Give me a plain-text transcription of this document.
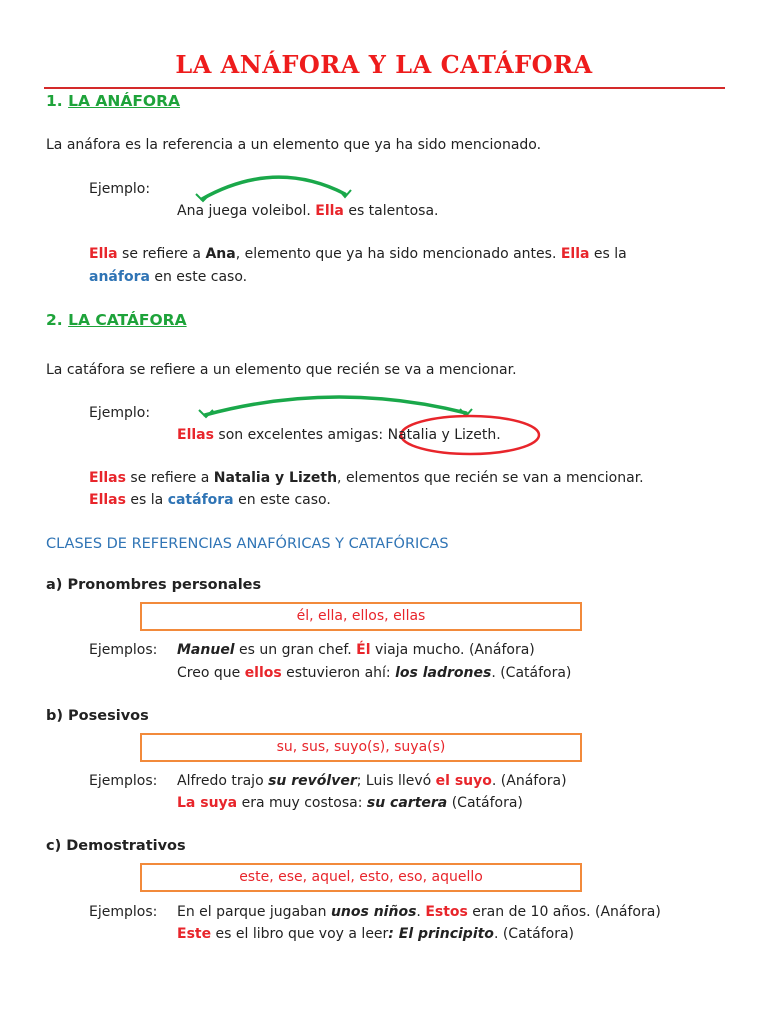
LA ANÁFORA Y LA CATÁFORA
1. LA ANÁFORA
La anáfora es la referencia a un elemento que ya ha sido mencionado.
Ejemplo:
Ana juega voleibol. Ella es talentosa.
Ella se refiere a Ana, elemento que ya ha sido mencionado antes. Ella es la
anáfora en este caso.
2. LA CATÁFORA
La catáfora se refiere a un elemento que recién se va a mencionar.
Ejemplo:
Ellas son excelentes amigas: Natalia y Lizeth.
Ellas se refiere a Natalia y Lizeth, elementos que recién se van a mencionar.
Ellas es la catáfora en este caso.
CLASES DE REFERENCIAS ANAFÓRICAS Y CATAFÓRICAS
a) Pronombres personales
él, ella, ellos, ellas
Ejemplos: Manuel es un gran chef. Él viaja mucho. (Anáfora)
Creo que ellos estuvieron ahí: los ladrones. (Catáfora)
b) Posesivos
su, sus, suyo(s), suya(s)
Ejemplos: Alfredo trajo su revólver; Luis llevó el suyo. (Anáfora)
La suya era muy costosa: su cartera (Catáfora)
c) Demostrativos
este, ese, aquel, esto, eso, aquello
Ejemplos: En el parque jugaban unos niños. Estos eran de 10 años. (Anáfora)
Este es el libro que voy a leer: El principito. (Catáfora)
